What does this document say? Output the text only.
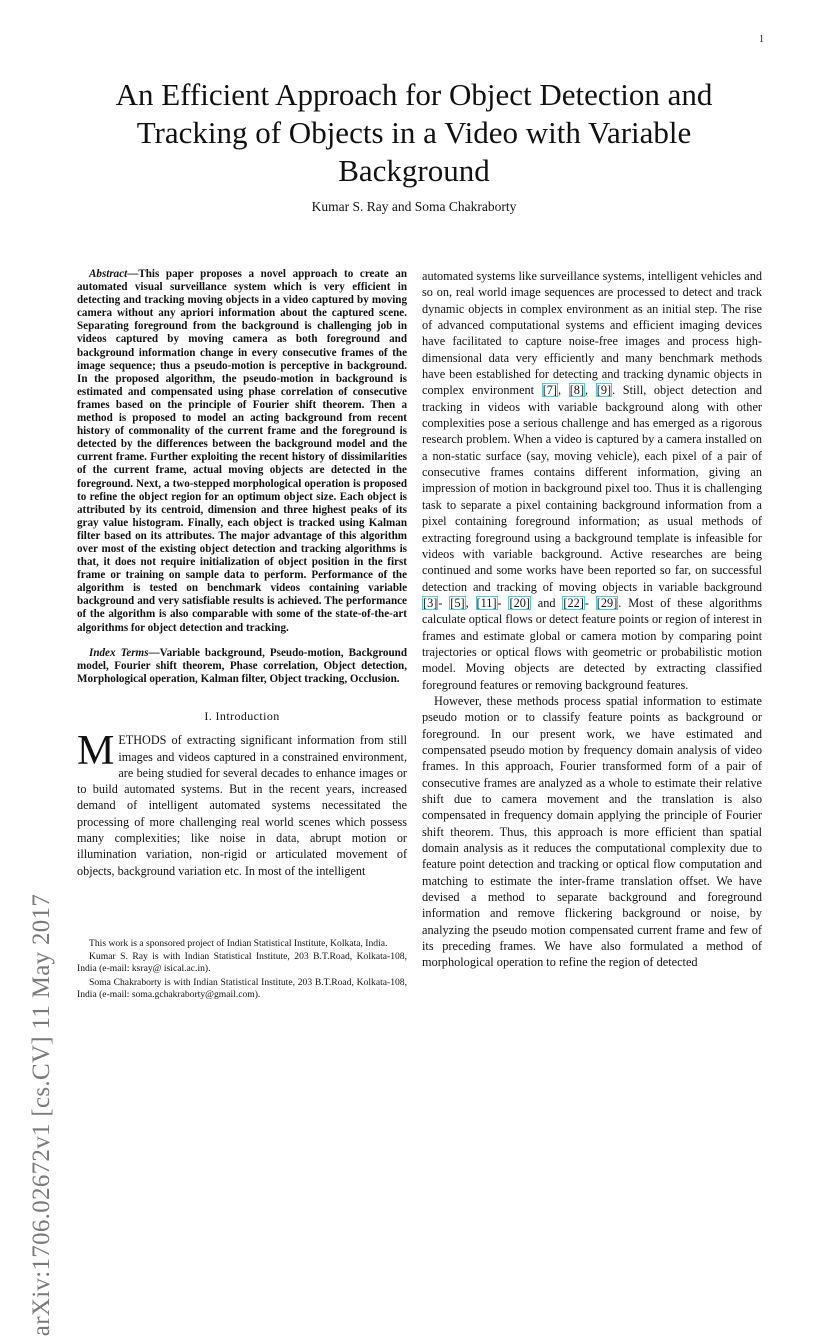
1
arXiv:1706.02672v1 [cs.CV] 11 May 2017
An Efficient Approach for Object Detection and Tracking of Objects in a Video with Variable Background
Kumar S. Ray and Soma Chakraborty

Abstract—This paper proposes a novel approach to create an automated visual surveillance system which is very efficient in detecting and tracking moving objects in a video captured by moving camera without any apriori information about the captured scene. Separating foreground from the background is challenging job in videos captured by moving camera as both foreground and background information change in every consecutive frames of the image sequence; thus a pseudo-motion is perceptive in background. In the proposed algorithm, the pseudo-motion in background is estimated and compensated using phase correlation of consecutive frames based on the principle of Fourier shift theorem. Then a method is proposed to model an acting background from recent history of commonality of the current frame and the foreground is detected by the differences between the background model and the current frame. Further exploiting the recent history of dissimilarities of the current frame, actual moving objects are detected in the foreground. Next, a two-stepped morphological operation is proposed to refine the object region for an optimum object size. Each object is attributed by its centroid, dimension and three highest peaks of its gray value histogram. Finally, each object is tracked using Kalman filter based on its attributes. The major advantage of this algorithm over most of the existing object detection and tracking algorithms is that, it does not require initialization of object position in the first frame or training on sample data to perform. Performance of the algorithm is tested on benchmark videos containing variable background and very satisfiable results is achieved. The performance of the algorithm is also comparable with some of the state-of-the-art algorithms for object detection and tracking.

Index Terms—Variable background, Pseudo-motion, Background model, Fourier shift theorem, Phase correlation, Object detection, Morphological operation, Kalman filter, Object tracking, Occlusion.

I. Introduction

METHODS of extracting significant information from still images and videos captured in a constrained environment, are being studied for several decades to enhance images or to build automated systems. But in the recent years, increased demand of intelligent automated systems necessitated the processing of more challenging real world scenes which possess many complexities; like noise in data, abrupt motion or illumination variation, non-rigid or articulated movement of objects, background variation etc. In most of the intelligent

This work is a sponsored project of Indian Statistical Institute, Kolkata, India.

Kumar S. Ray is with Indian Statistical Institute, 203 B.T.Road, Kolkata-108, India (e-mail: ksray@ isical.ac.in).

Soma Chakraborty is with Indian Statistical Institute, 203 B.T.Road, Kolkata-108, India (e-mail: soma.gchakraborty@gmail.com).

automated systems like surveillance systems, intelligent vehicles and so on, real world image sequences are processed to detect and track dynamic objects in complex environment as an initial step. The rise of advanced computational systems and efficient imaging devices have facilitated to capture noise-free images and process high-dimensional data very efficiently and many benchmark methods have been established for detecting and tracking dynamic objects in complex environment [7], [8], [9]. Still, object detection and tracking in videos with variable background along with other complexities pose a serious challenge and has emerged as a rigorous research problem. When a video is captured by a camera installed on a non-static surface (say, moving vehicle), each pixel of a pair of consecutive frames contains different information, giving an impression of motion in background pixel too. Thus it is challenging task to separate a pixel containing background information from a pixel containing foreground information; as usual methods of extracting foreground using a background template is infeasible for videos with variable background. Active researches are being continued and some works have been reported so far, on successful detection and tracking of moving objects in variable background [3]- [5], [11]- [20] and [22]- [29]. Most of these algorithms calculate optical flows or detect feature points or region of interest in frames and estimate global or camera motion by comparing point trajectories or optical flows with geometric or probabilistic motion model. Moving objects are detected by extracting classified foreground features or removing background features.

However, these methods process spatial information to estimate pseudo motion or to classify feature points as background or foreground. In our present work, we have estimated and compensated pseudo motion by frequency domain analysis of video frames. In this approach, Fourier transformed form of a pair of consecutive frames are analyzed as a whole to estimate their relative shift due to camera movement and the translation is also compensated in frequency domain applying the principle of Fourier shift theorem. Thus, this approach is more efficient than spatial domain analysis as it reduces the computational complexity due to feature point detection and tracking or optical flow computation and matching to estimate the inter-frame translation offset. We have devised a method to separate background and foreground information and remove flickering background or noise, by analyzing the pseudo motion compensated current frame and few of its preceding frames. We have also formulated a method of morphological operation to refine the region of detected
